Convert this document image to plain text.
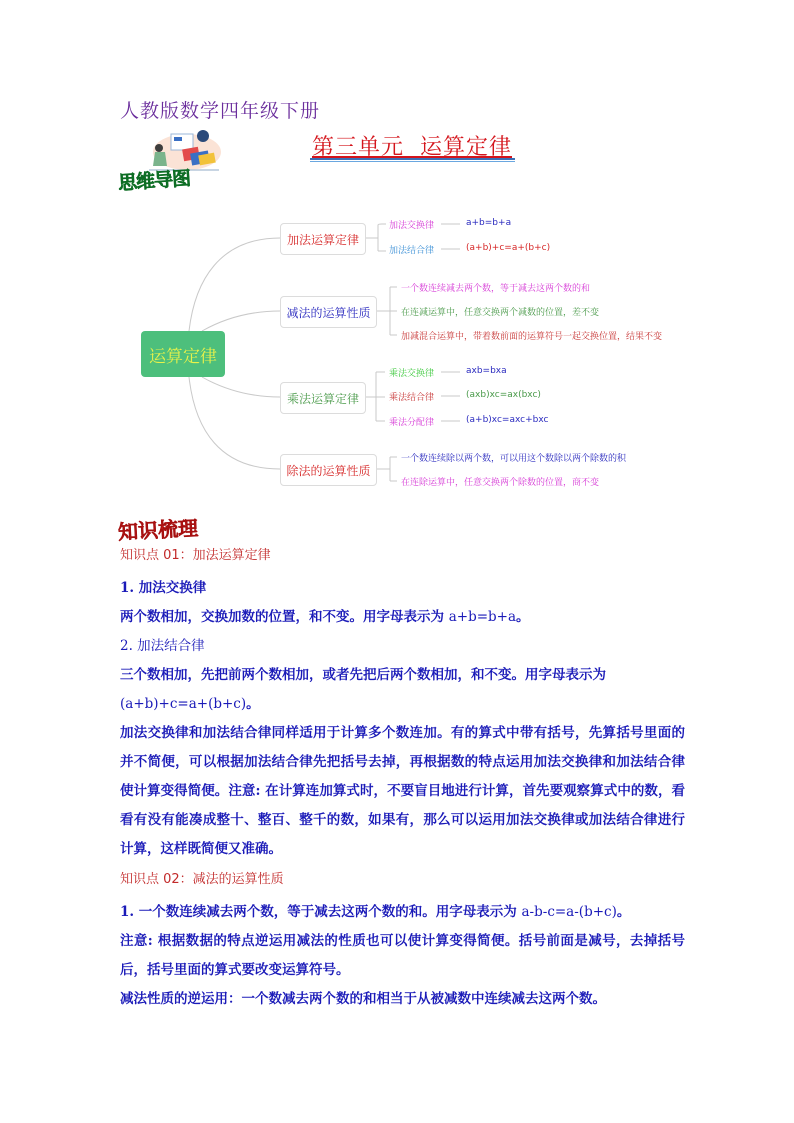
人教版数学四年级下册
第三单元  运算定律
思维导图
运算定律
加法运算定律
减法的运算性质
乘法运算定律
除法的运算性质
加法交换律	a+b=b+a
加法结合律	(a+b)+c=a+(b+c)
一个数连续减去两个数，等于减去这两个数的和
在连减运算中，任意交换两个减数的位置，差不变
加减混合运算中，带着数前面的运算符号一起交换位置，结果不变
乘法交换律	axb=bxa
乘法结合律	(axb)xc=ax(bxc)
乘法分配律	(a+b)xc=axc+bxc
一个数连续除以两个数，可以用这个数除以两个除数的积
在连除运算中，任意交换两个除数的位置，商不变
知识梳理
知识点 01：加法运算定律
1. 加法交换律
两个数相加，交换加数的位置，和不变。用字母表示为 a+b=b+a。
2. 加法结合律
三个数相加，先把前两个数相加，或者先把后两个数相加，和不变。用字母表示为
(a+b)+c=a+(b+c)。
加法交换律和加法结合律同样适用于计算多个数连加。有的算式中带有括号，先算括号里面的并不简便，可以根据加法结合律先把括号去掉，再根据数的特点运用加法交换律和加法结合律使计算变得简便。注意: 在计算连加算式时，不要盲目地进行计算，首先要观察算式中的数，看看有没有能凑成整十、整百、整千的数，如果有，那么可以运用加法交换律或加法结合律进行计算，这样既简便又准确。
知识点 02：减法的运算性质
1. 一个数连续减去两个数，等于减去这两个数的和。用字母表示为 a-b-c=a-(b+c)。
注意: 根据数据的特点逆运用减法的性质也可以使计算变得简便。括号前面是减号，去掉括号后，括号里面的算式要改变运算符号。
减法性质的逆运用：一个数减去两个数的和相当于从被减数中连续减去这两个数。
